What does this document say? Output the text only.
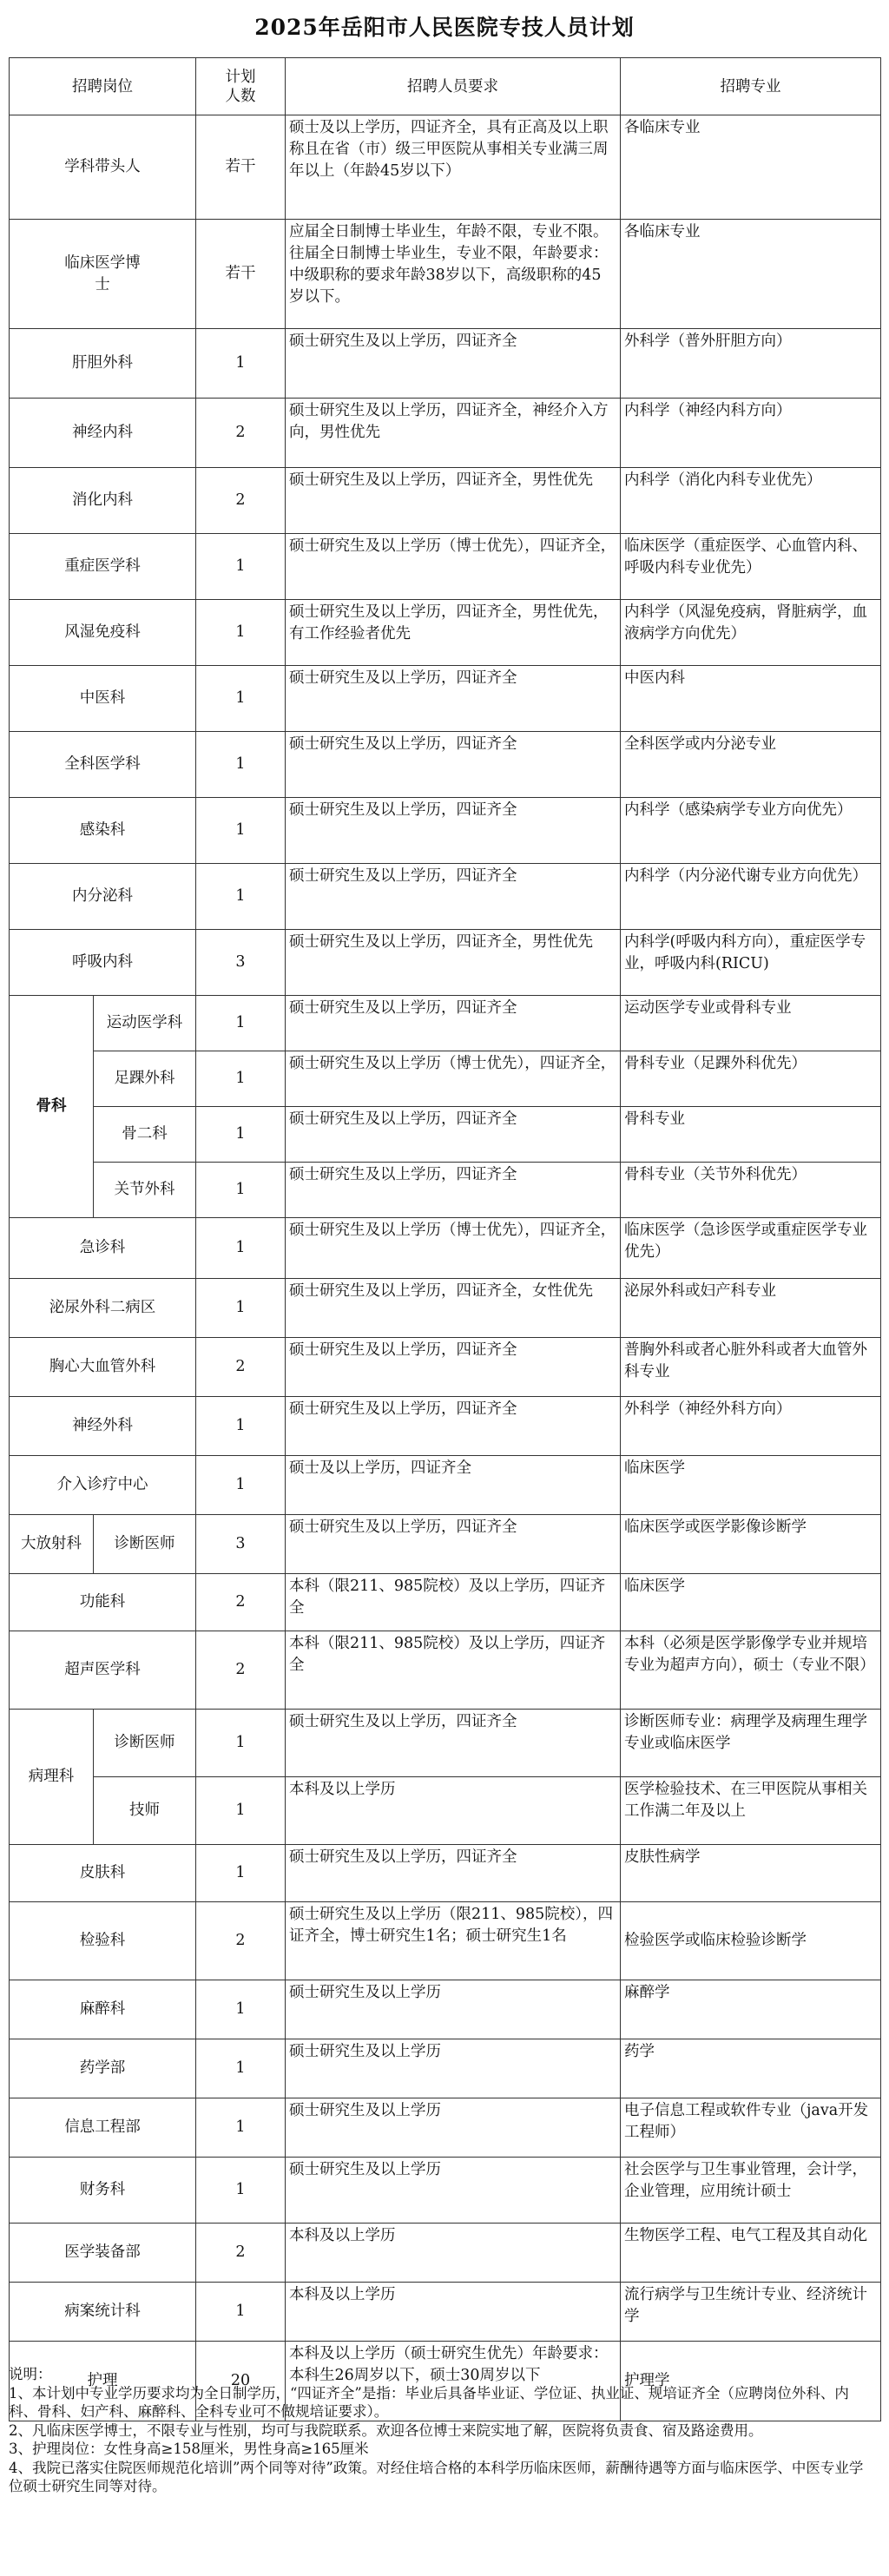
2025年岳阳市人民医院专技人员计划
招聘岗位		计划人数	招聘人员要求	招聘专业
学科带头人		若干	硕士及以上学历，四证齐全，具有正高及以上职称且在省（市）级三甲医院从事相关专业满三周年以上（年龄45岁以下）	各临床专业

临床医学博士		若干	应届全日制博士毕业生，年龄不限，专业不限。往届全日制博士毕业生，专业不限，年龄要求：中级职称的要求年龄38岁以下，高级职称的45岁以下。	各临床专业
肝胆外科		1	硕士研究生及以上学历，四证齐全	外科学（普外肝胆方向）
神经内科		2	硕士研究生及以上学历，四证齐全，神经介入方向，男性优先	内科学（神经内科方向）
消化内科		2	硕士研究生及以上学历，四证齐全，男性优先	内科学（消化内科专业优先）
重症医学科		1	硕士研究生及以上学历（博士优先），四证齐全，	临床医学（重症医学、心血管内科、呼吸内科专业优先）
风湿免疫科		1	硕士研究生及以上学历，四证齐全，男性优先，有工作经验者优先	内科学（风湿免疫病，肾脏病学，血液病学方向优先）
中医科		1	硕士研究生及以上学历，四证齐全	中医内科
全科医学科		1	硕士研究生及以上学历，四证齐全	全科医学或内分泌专业
感染科		1	硕士研究生及以上学历，四证齐全	内科学（感染病学专业方向优先）
内分泌科		1	硕士研究生及以上学历，四证齐全	内科学（内分泌代谢专业方向优先）
呼吸内科		3	硕士研究生及以上学历，四证齐全，男性优先	内科学(呼吸内科方向），重症医学专业，呼吸内科(RICU)
骨科	运动医学科	1	硕士研究生及以上学历，四证齐全	运动医学专业或骨科专业
	足踝外科	1	硕士研究生及以上学历（博士优先），四证齐全，	骨科专业（足踝外科优先）
	骨二科	1	硕士研究生及以上学历，四证齐全	骨科专业
	关节外科	1	硕士研究生及以上学历，四证齐全	骨科专业（关节外科优先）
急诊科		1	硕士研究生及以上学历（博士优先），四证齐全，	临床医学（急诊医学或重症医学专业优先）
泌尿外科二病区		1	硕士研究生及以上学历，四证齐全，女性优先	泌尿外科或妇产科专业
胸心大血管外科		2	硕士研究生及以上学历，四证齐全	普胸外科或者心脏外科或者大血管外科专业
神经外科		1	硕士研究生及以上学历，四证齐全	外科学（神经外科方向）
介入诊疗中心		1	硕士及以上学历，四证齐全	临床医学
大放射科	诊断医师	3	硕士研究生及以上学历，四证齐全	临床医学或医学影像诊断学
功能科		2	本科（限211、985院校）及以上学历，四证齐全	临床医学
超声医学科		2	本科（限211、985院校）及以上学历，四证齐全	本科（必须是医学影像学专业并规培专业为超声方向），硕士（专业不限）
病理科	诊断医师	1	硕士研究生及以上学历，四证齐全	诊断医师专业：病理学及病理生理学专业或临床医学
	技师	1	本科及以上学历	医学检验技术、在三甲医院从事相关工作满二年及以上
皮肤科		1	硕士研究生及以上学历，四证齐全	皮肤性病学
检验科		2	硕士研究生及以上学历（限211、985院校），四证齐全，博士研究生1名；硕士研究生1名	检验医学或临床检验诊断学
麻醉科		1	硕士研究生及以上学历	麻醉学
药学部		1	硕士研究生及以上学历	药学
信息工程部		1	硕士研究生及以上学历	电子信息工程或软件专业（java开发工程师）
财务科		1	硕士研究生及以上学历	社会医学与卫生事业管理，会计学，企业管理，应用统计硕士
医学装备部		2	本科及以上学历	生物医学工程、电气工程及其自动化
病案统计科		1	本科及以上学历	流行病学与卫生统计专业、经济统计学
护理		20	本科及以上学历（硕士研究生优先）年龄要求：本科生26周岁以下，硕士30周岁以下	护理学
说明：
1、本计划中专业学历要求均为全日制学历，“四证齐全”是指：毕业后具备毕业证、学位证、执业证、规培证齐全（应聘岗位外科、内科、骨科、妇产科、麻醉科、全科专业可不做规培证要求）。
2、凡临床医学博士，不限专业与性别，均可与我院联系。欢迎各位博士来院实地了解，医院将负责食、宿及路途费用。
3、护理岗位：女性身高≥158厘米，男性身高≥165厘米
4、我院已落实住院医师规范化培训”两个同等对待”政策。对经住培合格的本科学历临床医师，薪酬待遇等方面与临床医学、中医专业学位硕士研究生同等对待。
